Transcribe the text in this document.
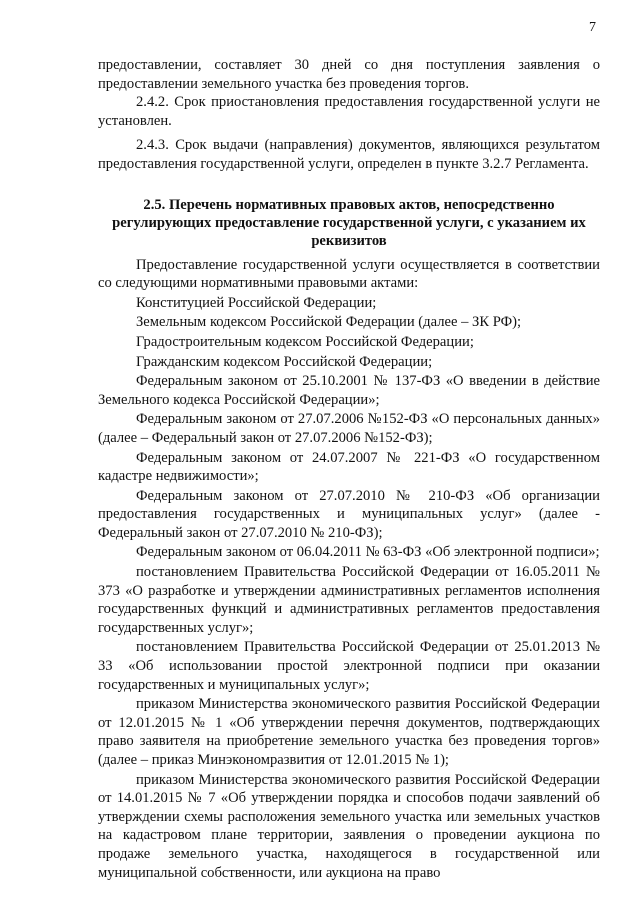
7

предоставлении, составляет 30 дней со дня поступления заявления о предоставлении земельного участка без проведения торгов.

2.4.2. Срок приостановления предоставления государственной услуги не установлен.

2.4.3. Срок выдачи (направления) документов, являющихся результатом предоставления государственной услуги, определен в пункте 3.2.7 Регламента.

2.5. Перечень нормативных правовых актов, непосредственно регулирующих предоставление государственной услуги, с указанием их реквизитов

Предоставление государственной услуги осуществляется в соответствии со следующими нормативными правовыми актами:

Конституцией Российской Федерации;

Земельным кодексом Российской Федерации (далее – ЗК РФ);

Градостроительным кодексом Российской Федерации;

Гражданским кодексом Российской Федерации;

Федеральным законом от 25.10.2001 № 137-ФЗ «О введении в действие Земельного кодекса Российской Федерации»;

Федеральным законом от 27.07.2006 №152-ФЗ «О персональных данных» (далее – Федеральный закон от 27.07.2006 №152-ФЗ);

Федеральным законом от 24.07.2007 № 221-ФЗ «О государственном кадастре недвижимости»;

Федеральным законом от 27.07.2010 № 210-ФЗ «Об организации предоставления государственных и муниципальных услуг» (далее - Федеральный закон от 27.07.2010 № 210-ФЗ);

Федеральным законом от 06.04.2011 № 63-ФЗ «Об электронной подписи»;

постановлением Правительства Российской Федерации от 16.05.2011 № 373 «О разработке и утверждении административных регламентов исполнения государственных функций и административных регламентов предоставления государственных услуг»;

постановлением Правительства Российской Федерации от 25.01.2013 № 33 «Об использовании простой электронной подписи при оказании государственных и муниципальных услуг»;

приказом Министерства экономического развития Российской Федерации от 12.01.2015 № 1 «Об утверждении перечня документов, подтверждающих право заявителя на приобретение земельного участка без проведения торгов» (далее – приказ Минэкономразвития от 12.01.2015 № 1);

приказом Министерства экономического развития Российской Федерации от 14.01.2015 № 7 «Об утверждении порядка и способов подачи заявлений об утверждении схемы расположения земельного участка или земельных участков на кадастровом плане территории, заявления о проведении аукциона по продаже земельного участка, находящегося в государственной или муниципальной собственности, или аукциона на право
